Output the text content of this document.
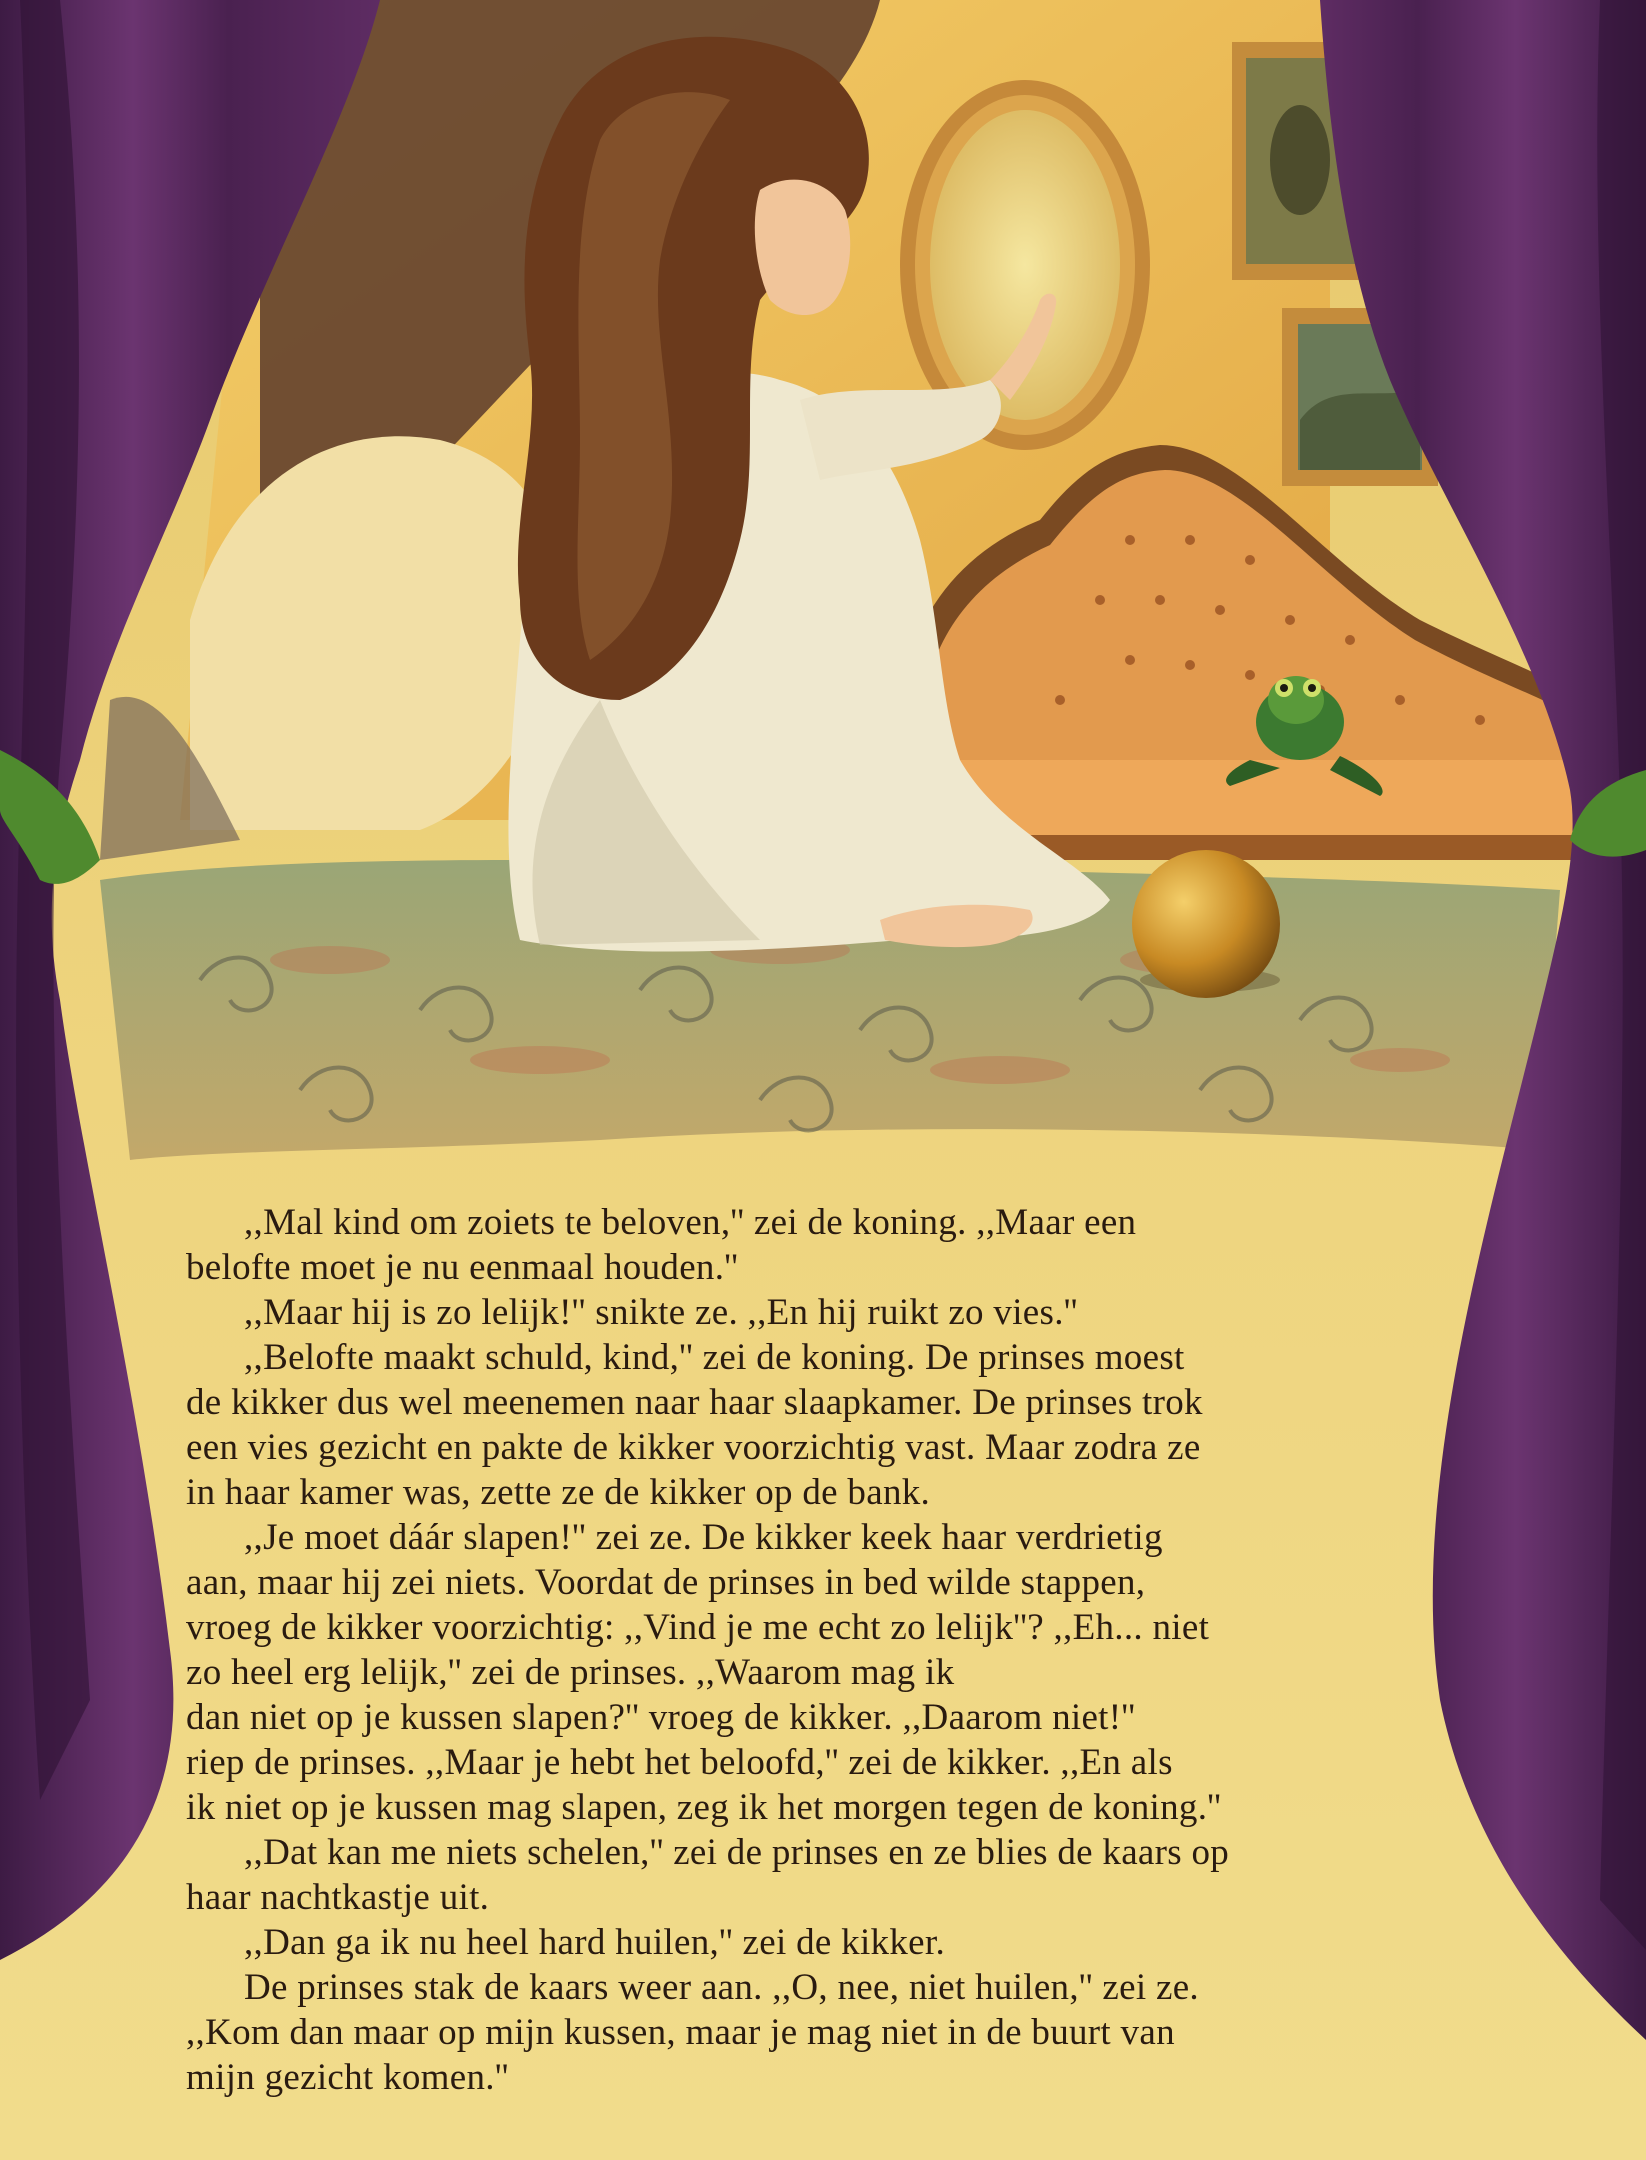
,,Mal kind om zoiets te beloven,'' zei de koning. ,,Maar een

belofte moet je nu eenmaal houden.''

,,Maar hij is zo lelijk!'' snikte ze. ,,En hij ruikt zo vies.''

,,Belofte maakt schuld, kind,'' zei de koning. De prinses moest

de kikker dus wel meenemen naar haar slaapkamer. De prinses trok

een vies gezicht en pakte de kikker voorzichtig vast. Maar zodra ze

in haar kamer was, zette ze de kikker op de bank.

,,Je moet dáár slapen!'' zei ze. De kikker keek haar verdrietig

aan, maar hij zei niets. Voordat de prinses in bed wilde stappen,

vroeg de kikker voorzichtig: ,,Vind je me echt zo lelijk''? ,,Eh... niet

zo heel erg lelijk,'' zei de prinses. ,,Waarom mag ik

dan niet op je kussen slapen?'' vroeg de kikker. ,,Daarom niet!''

riep de prinses. ,,Maar je hebt het beloofd,'' zei de kikker. ,,En als

ik niet op je kussen mag slapen, zeg ik het morgen tegen de koning.''

,,Dat kan me niets schelen,'' zei de prinses en ze blies de kaars op

haar nachtkastje uit.

,,Dan ga ik nu heel hard huilen,'' zei de kikker.

De prinses stak de kaars weer aan. ,,O, nee, niet huilen,'' zei ze.

,,Kom dan maar op mijn kussen, maar je mag niet in de buurt van

mijn gezicht komen.''
